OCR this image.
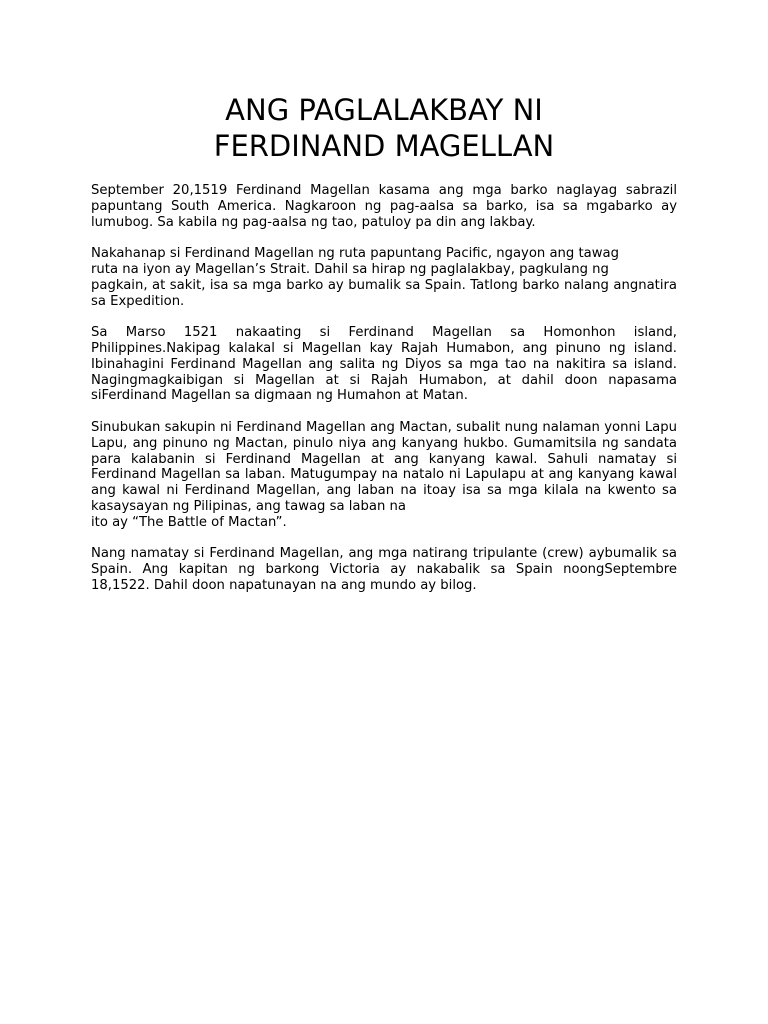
ANG PAGLALAKBAY NI
FERDINAND MAGELLAN

September 20,1519 Ferdinand Magellan kasama ang mga barko naglayag sabrazil
papuntang South America. Nagkaroon ng pag-aalsa sa barko, isa sa mgabarko ay
lumubog. Sa kabila ng pag-aalsa ng tao, patuloy pa din ang lakbay.

Nakahanap si Ferdinand Magellan ng ruta papuntang Pacific, ngayon ang tawag
ruta na iyon ay Magellan’s Strait. Dahil sa hirap ng paglalakbay, pagkulang ng
pagkain, at sakit, isa sa mga barko ay bumalik sa Spain. Tatlong barko nalang angnatira
sa Expedition.

Sa Marso 1521 nakaating si Ferdinand Magellan sa Homonhon island,
Philippines.Nakipag kalakal si Magellan kay Rajah Humabon, ang pinuno ng island.
Ibinahagini Ferdinand Magellan ang salita ng Diyos sa mga tao na nakitira sa island.
Nagingmagkaibigan si Magellan at si Rajah Humabon, at dahil doon napasama
siFerdinand Magellan sa digmaan ng Humahon at Matan.

Sinubukan sakupin ni Ferdinand Magellan ang Mactan, subalit nung nalaman yonni Lapu
Lapu, ang pinuno ng Mactan, pinulo niya ang kanyang hukbo. Gumamitsila ng sandata
para kalabanin si Ferdinand Magellan at ang kanyang kawal. Sahuli namatay si
Ferdinand Magellan sa laban. Matugumpay na natalo ni Lapulapu at ang kanyang kawal
ang kawal ni Ferdinand Magellan, ang laban na itoay isa sa mga kilala na kwento sa
kasaysayan ng Pilipinas, ang tawag sa laban na
ito ay “The Battle of Mactan”.

Nang namatay si Ferdinand Magellan, ang mga natirang tripulante (crew) aybumalik sa
Spain. Ang kapitan ng barkong Victoria ay nakabalik sa Spain noongSeptembre
18,1522. Dahil doon napatunayan na ang mundo ay bilog.
